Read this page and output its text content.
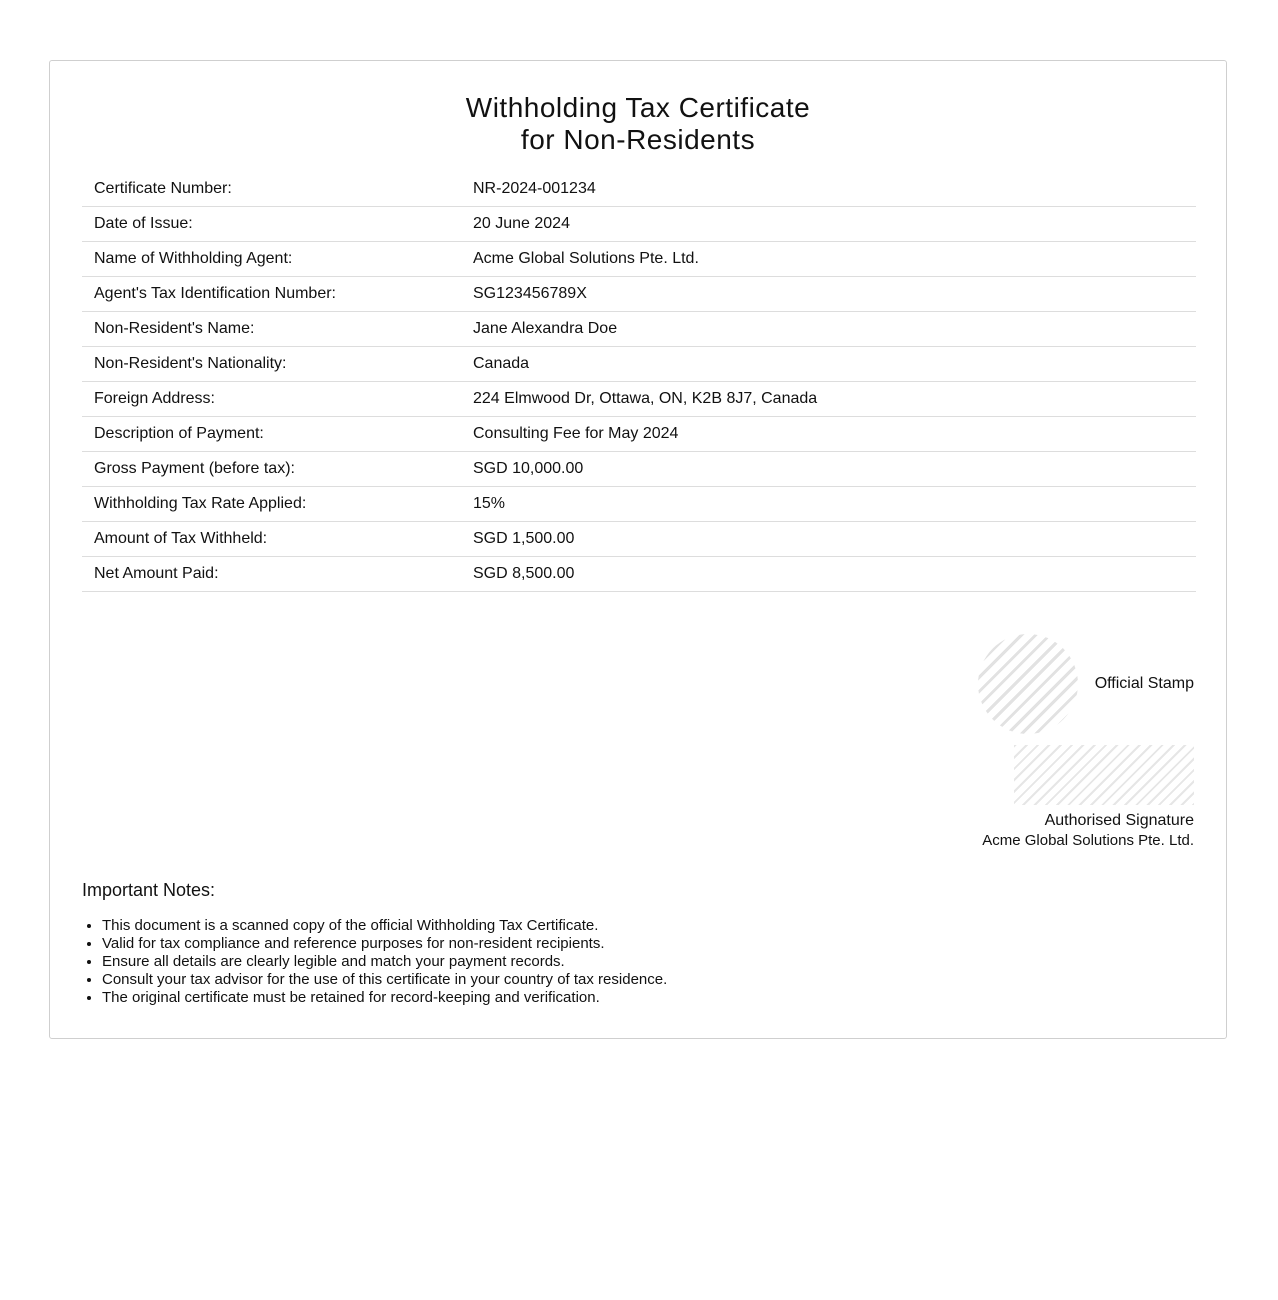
Withholding Tax Certificate
for Non-Residents
Certificate Number:	NR-2024-001234
Date of Issue:	20 June 2024
Name of Withholding Agent:	Acme Global Solutions Pte. Ltd.
Agent's Tax Identification Number:	SG123456789X
Non-Resident's Name:	Jane Alexandra Doe
Non-Resident's Nationality:	Canada
Foreign Address:	224 Elmwood Dr, Ottawa, ON, K2B 8J7, Canada
Description of Payment:	Consulting Fee for May 2024
Gross Payment (before tax):	SGD 10,000.00
Withholding Tax Rate Applied:	15%
Amount of Tax Withheld:	SGD 1,500.00
Net Amount Paid:	SGD 8,500.00
Official Stamp
Authorised Signature
Acme Global Solutions Pte. Ltd.
Important Notes:
• This document is a scanned copy of the official Withholding Tax Certificate.
• Valid for tax compliance and reference purposes for non-resident recipients.
• Ensure all details are clearly legible and match your payment records.
• Consult your tax advisor for the use of this certificate in your country of tax residence.
• The original certificate must be retained for record-keeping and verification.
